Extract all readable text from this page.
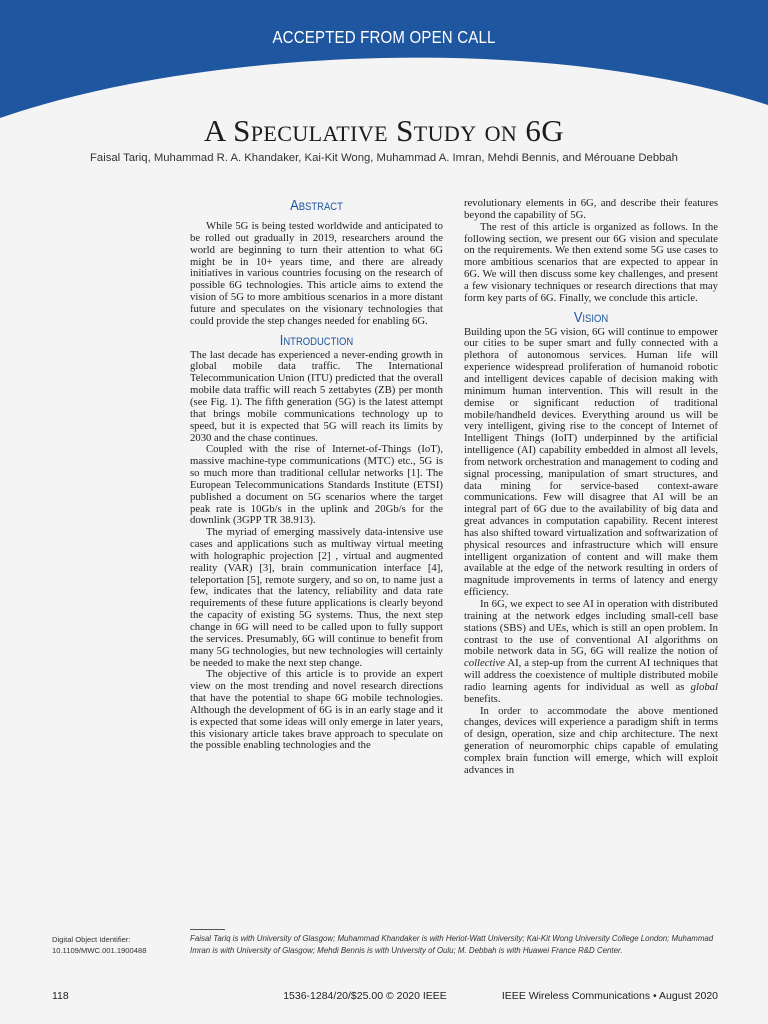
ACCEPTED FROM OPEN CALL
A Speculative Study on 6G
Faisal Tariq, Muhammad R. A. Khandaker, Kai-Kit Wong, Muhammad A. Imran, Mehdi Bennis, and Mérouane Debbah
Abstract

While 5G is being tested worldwide and anticipated to be rolled out gradually in 2019, researchers around the world are beginning to turn their attention to what 6G might be in 10+ years time, and there are already initiatives in various countries focusing on the research of possible 6G technologies. This article aims to extend the vision of 5G to more ambitious scenarios in a more distant future and speculates on the visionary technologies that could provide the step changes needed for enabling 6G.

Introduction

The last decade has experienced a never-ending growth in global mobile data traffic. The International Telecommunication Union (ITU) predicted that the overall mobile data traffic will reach 5 zettabytes (ZB) per month (see Fig. 1). The fifth generation (5G) is the latest attempt that brings mobile communications technology up to speed, but it is expected that 5G will reach its limits by 2030 and the chase continues.

Coupled with the rise of Internet-of-Things (IoT), massive machine-type communications (MTC) etc., 5G is so much more than traditional cellular networks [1]. The European Telecommunications Standards Institute (ETSI) published a document on 5G scenarios where the target peak rate is 10Gb/s in the uplink and 20Gb/s for the downlink (3GPP TR 38.913).

The myriad of emerging massively data-intensive use cases and applications such as multiway virtual meeting with holographic projection [2] , virtual and augmented reality (VAR) [3], brain communication interface [4], teleportation [5], remote surgery, and so on, to name just a few, indicates that the latency, reliability and data rate requirements of these future applications is clearly beyond the capacity of existing 5G systems. Thus, the next step change in 6G will need to be called upon to fully support the services. Presumably, 6G will continue to benefit from many 5G technologies, but new technologies will certainly be needed to make the next step change.

The objective of this article is to provide an expert view on the most trending and novel research directions that have the potential to shape 6G mobile technologies. Although the development of 6G is in an early stage and it is expected that some ideas will only emerge in later years, this visionary article takes brave approach to speculate on the possible enabling technologies and the

revolutionary elements in 6G, and describe their features beyond the capability of 5G.

The rest of this article is organized as follows. In the following section, we present our 6G vision and speculate on the requirements. We then extend some 5G use cases to more ambitious scenarios that are expected to appear in 6G. We will then discuss some key challenges, and present a few visionary techniques or research directions that may form key parts of 6G. Finally, we conclude this article.

Vision

Building upon the 5G vision, 6G will continue to empower our cities to be super smart and fully connected with a plethora of autonomous services. Human life will experience widespread proliferation of humanoid robotic and intelligent devices capable of decision making with minimum human intervention. This will result in the demise or significant reduction of traditional mobile/handheld devices. Everything around us will be very intelligent, giving rise to the concept of Internet of Intelligent Things (IoIT) underpinned by the artificial intelligence (AI) capability embedded in almost all levels, from network orchestration and management to coding and signal processing, manipulation of smart structures, and data mining for service-based context-aware communications. Few will disagree that AI will be an integral part of 6G due to the availability of big data and great advances in computation capability. Recent interest has also shifted toward virtualization and softwarization of physical resources and infrastructure which will ensure intelligent organization of content and will make them available at the edge of the network resulting in orders of magnitude improvements in terms of latency and energy efficiency.

In 6G, we expect to see AI in operation with distributed training at the network edges including small-cell base stations (SBS) and UEs, which is still an open problem. In contrast to the use of conventional AI algorithms on mobile network data in 5G, 6G will realize the notion of collective AI, a step-up from the current AI techniques that will address the coexistence of multiple distributed mobile radio learning agents for individual as well as global benefits.

In order to accommodate the above mentioned changes, devices will experience a paradigm shift in terms of design, operation, size and chip architecture. The next generation of neuromorphic chips capable of emulating complex brain function will emerge, which will exploit advances in

Digital Object Identifier:
10.1109/MWC.001.1900488
Faisal Tariq is with University of Glasgow; Muhammad Khandaker is with Heriot-Watt University; Kai-Kit Wong University College London; Muhammad Imran is with University of Glasgow; Mehdi Bennis is with University of Oulu; M. Debbah is with Huawei France R&D Center.
118	1536-1284/20/$25.00 © 2020 IEEE	IEEE Wireless Communications • August 2020
